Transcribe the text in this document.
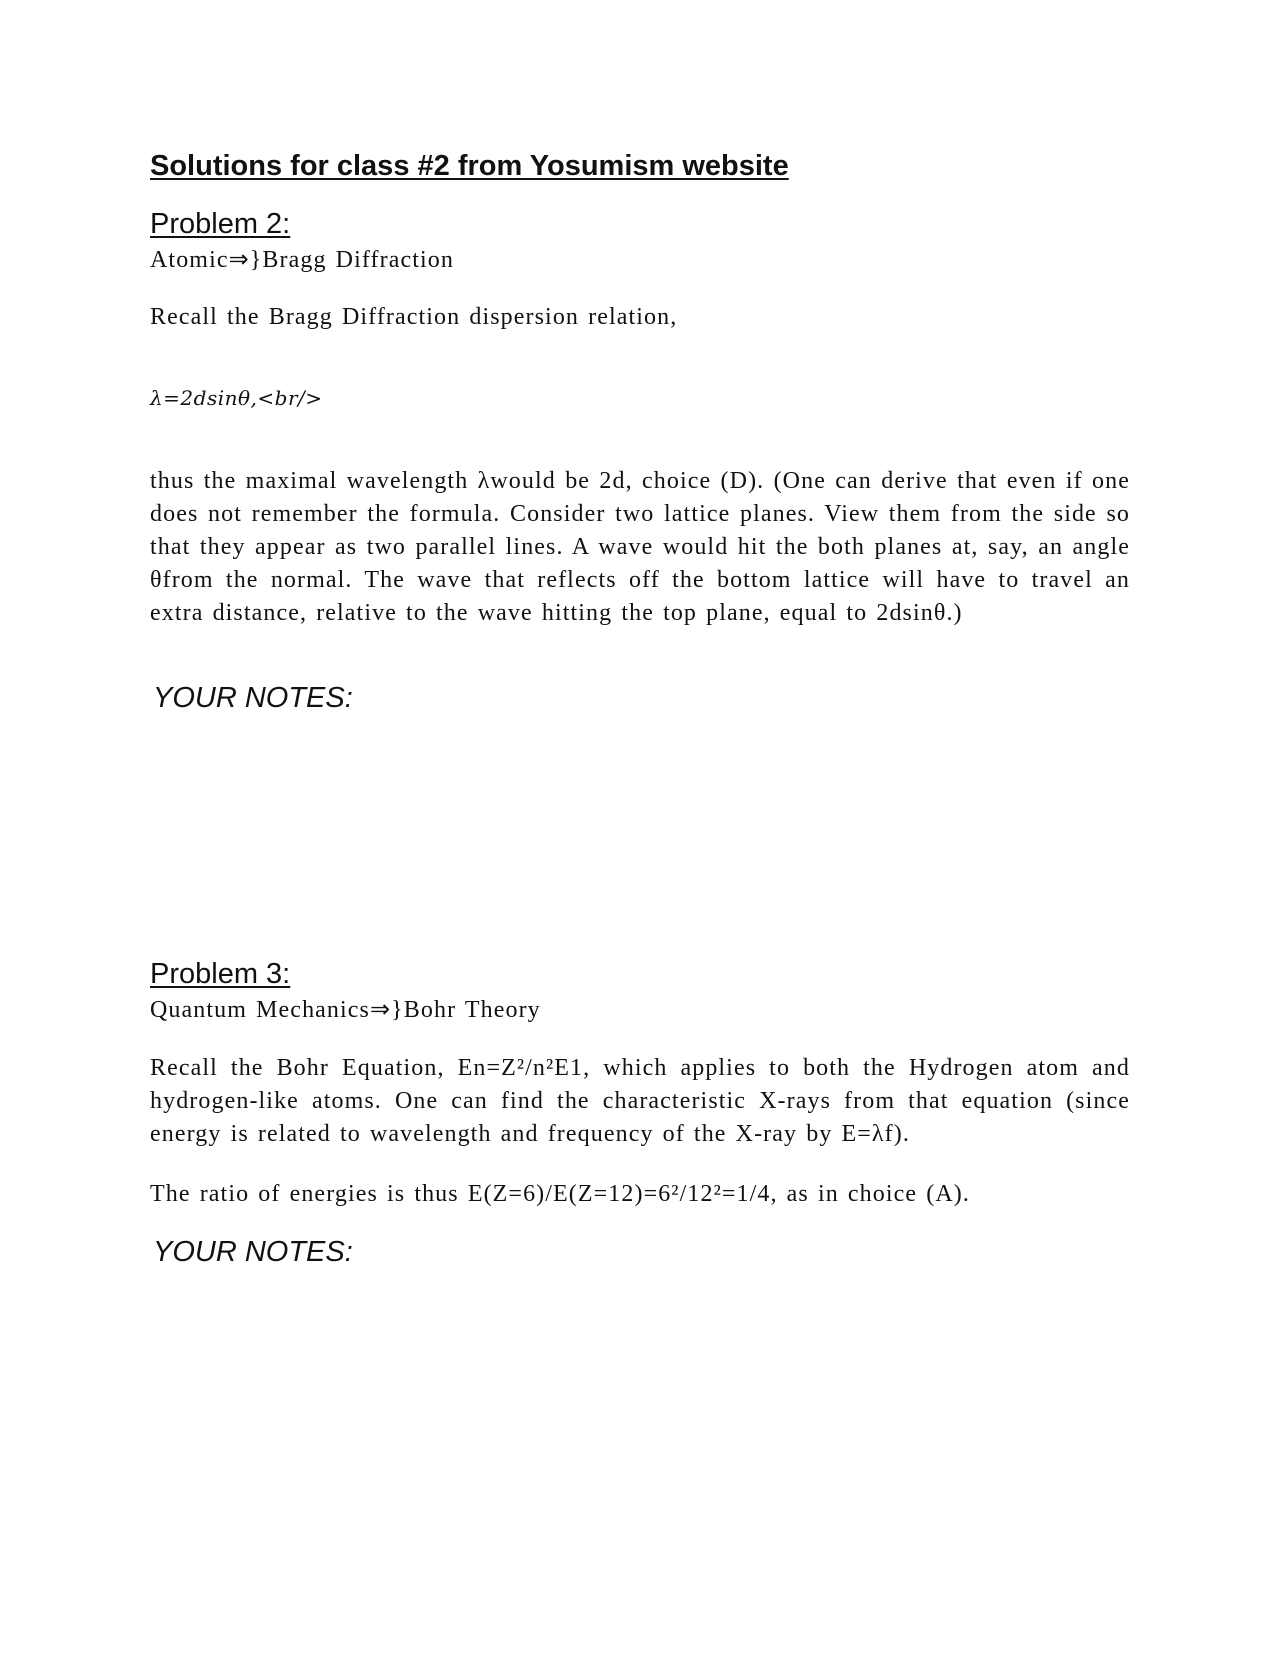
Solutions for class #2 from Yosumism website
Problem 2:
Atomic⇒}Bragg Diffraction
Recall the Bragg Diffraction dispersion relation,
λ=2dsinθ,<br/>
thus the maximal wavelength λwould be 2d, choice (D). (One can derive that even if one does not remember the formula. Consider two lattice planes. View them from the side so that they appear as two parallel lines. A wave would hit the both planes at, say, an angle θfrom the normal. The wave that reflects off the bottom lattice will have to travel an extra distance, relative to the wave hitting the top plane, equal to 2dsinθ.)
YOUR NOTES:
Problem 3:
Quantum Mechanics⇒}Bohr Theory
Recall the Bohr Equation, En=Z²/n²E1, which applies to both the Hydrogen atom and hydrogen-like atoms. One can find the characteristic X-rays from that equation (since energy is related to wavelength and frequency of the X-ray by E=λf).
The ratio of energies is thus E(Z=6)/E(Z=12)=6²/12²=1/4, as in choice (A).
YOUR NOTES:
